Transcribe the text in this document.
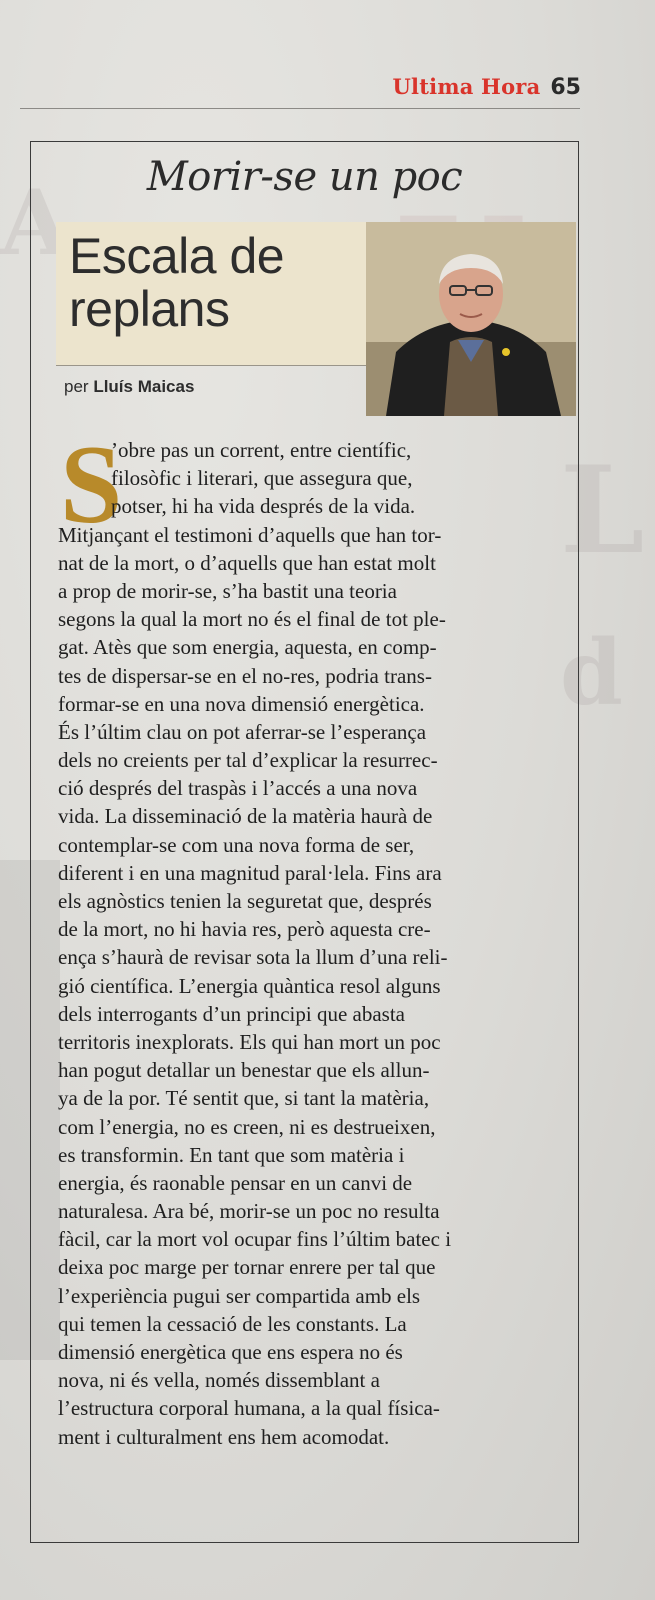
A
L
d
Ultima Hora 65
Morir-se un poc
Escala de
replans
per Lluís Maicas
S
’obre pas un corrent, entre científic,
filosòfic i literari, que assegura que,
potser, hi ha vida després de la vida.
Mitjançant el testimoni d’aquells que han tor-
nat de la mort, o d’aquells que han estat molt
a prop de morir-se, s’ha bastit una teoria
segons la qual la mort no és el final de tot ple-
gat. Atès que som energia, aquesta, en comp-
tes de dispersar-se en el no-res, podria trans-
formar-se en una nova dimensió energètica.
És l’últim clau on pot aferrar-se l’esperança
dels no creients per tal d’explicar la resurrec-
ció després del traspàs i l’accés a una nova
vida. La disseminació de la matèria haurà de
contemplar-se com una nova forma de ser,
diferent i en una magnitud paral·lela. Fins ara
els agnòstics tenien la seguretat que, després
de la mort, no hi havia res, però aquesta cre-
ença s’haurà de revisar sota la llum d’una reli-
gió científica. L’energia quàntica resol alguns
dels interrogants d’un principi que abasta
territoris inexplorats. Els qui han mort un poc
han pogut detallar un benestar que els allun-
ya de la por. Té sentit que, si tant la matèria,
com l’energia, no es creen, ni es destrueixen,
es transformin. En tant que som matèria i
energia, és raonable pensar en un canvi de
naturalesa. Ara bé, morir-se un poc no resulta
fàcil, car la mort vol ocupar fins l’últim batec i
deixa poc marge per tornar enrere per tal que
l’experiència pugui ser compartida amb els
qui temen la cessació de les constants. La
dimensió energètica que ens espera no és
nova, ni és vella, només dissemblant a
l’estructura corporal humana, a la qual física-
ment i culturalment ens hem acomodat.
